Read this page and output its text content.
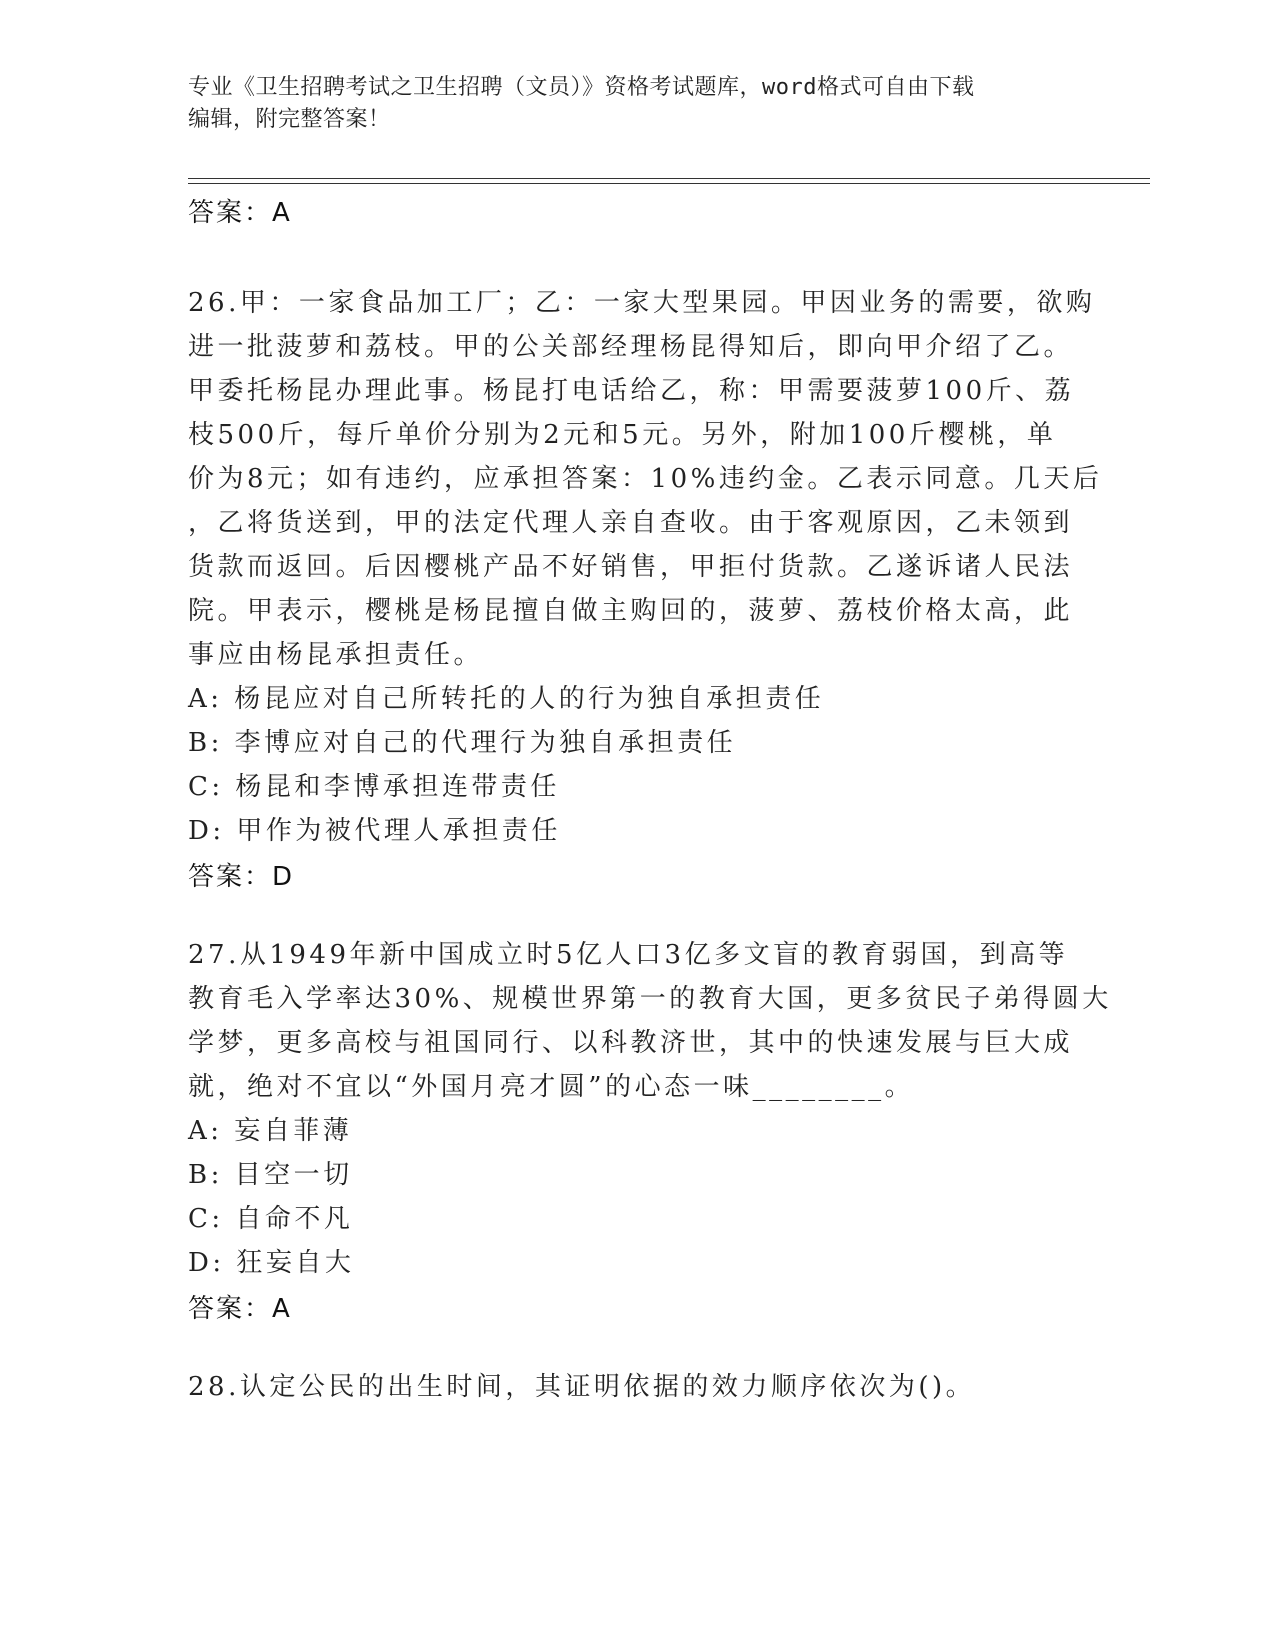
专业《卫生招聘考试之卫生招聘（文员）》资格考试题库，word格式可自由下载
编辑，附完整答案！
答案：A
26.甲：一家食品加工厂；乙：一家大型果园。甲因业务的需要，欲购
进一批菠萝和荔枝。甲的公关部经理杨昆得知后，即向甲介绍了乙。
甲委托杨昆办理此事。杨昆打电话给乙，称：甲需要菠萝100斤、荔
枝500斤，每斤单价分别为2元和5元。另外，附加100斤樱桃，单
价为8元；如有违约，应承担答案：10%违约金。乙表示同意。几天后
，乙将货送到，甲的法定代理人亲自查收。由于客观原因，乙未领到
货款而返回。后因樱桃产品不好销售，甲拒付货款。乙遂诉诸人民法
院。甲表示，樱桃是杨昆擅自做主购回的，菠萝、荔枝价格太高，此
事应由杨昆承担责任。
A: 杨昆应对自己所转托的人的行为独自承担责任
B: 李博应对自己的代理行为独自承担责任
C: 杨昆和李博承担连带责任
D: 甲作为被代理人承担责任
答案：D
27.从1949年新中国成立时5亿人口3亿多文盲的教育弱国，到高等
教育毛入学率达30%、规模世界第一的教育大国，更多贫民子弟得圆大
学梦，更多高校与祖国同行、以科教济世，其中的快速发展与巨大成
就，绝对不宜以“外国月亮才圆”的心态一味________。
A: 妄自菲薄
B: 目空一切
C: 自命不凡
D: 狂妄自大
答案：A
28.认定公民的出生时间，其证明依据的效力顺序依次为()。
